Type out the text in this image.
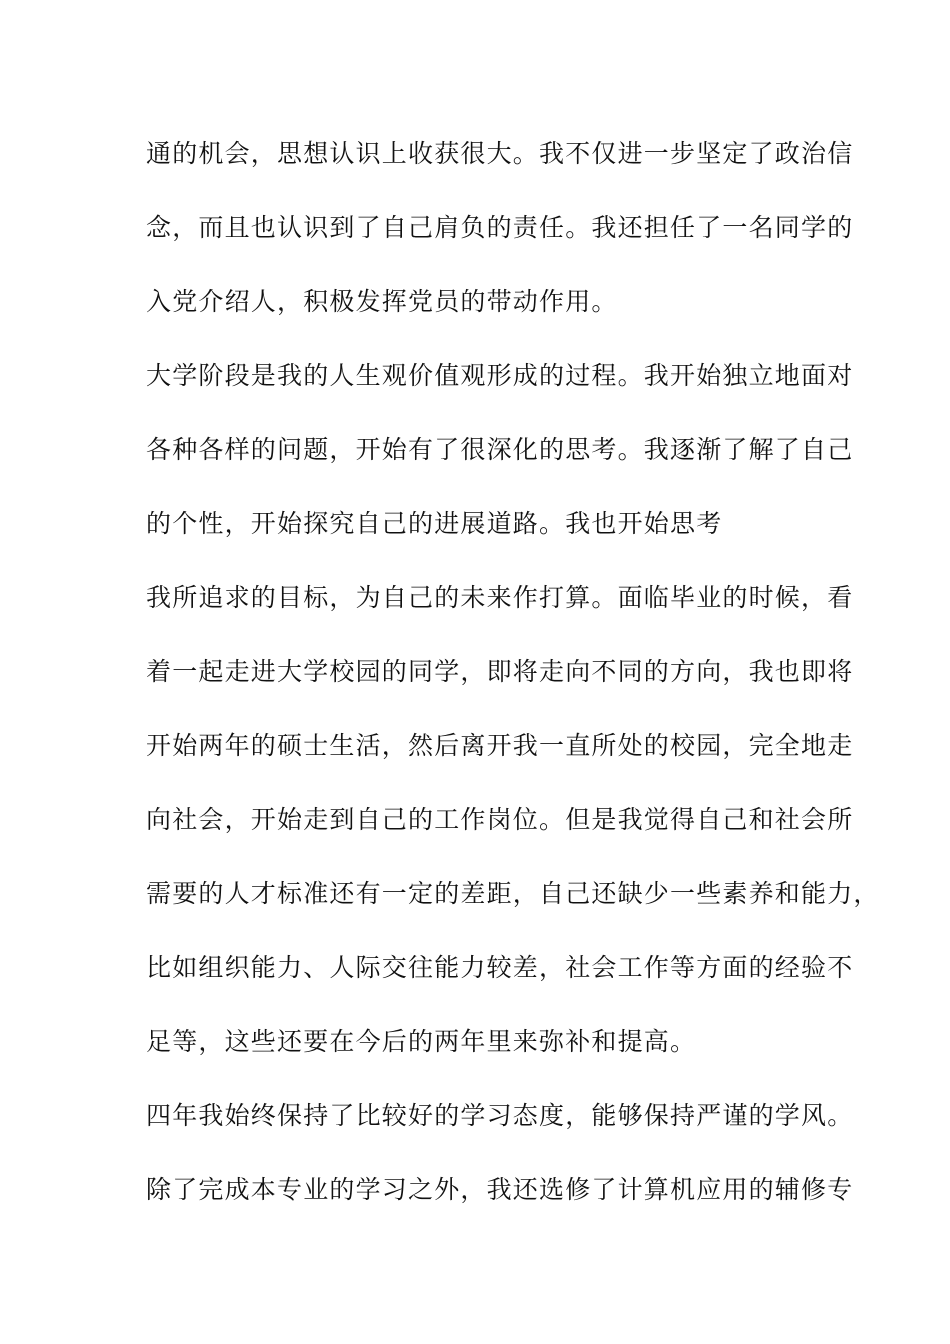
通的机会，思想认识上收获很大。我不仅进一步坚定了政治信
念，而且也认识到了自己肩负的责任。我还担任了一名同学的
入党介绍人，积极发挥党员的带动作用。
大学阶段是我的人生观价值观形成的过程。我开始独立地面对
各种各样的问题，开始有了很深化的思考。我逐渐了解了自己
的个性，开始探究自己的进展道路。我也开始思考
我所追求的目标，为自己的未来作打算。面临毕业的时候，看
着一起走进大学校园的同学，即将走向不同的方向，我也即将
开始两年的硕士生活，然后离开我一直所处的校园，完全地走
向社会，开始走到自己的工作岗位。但是我觉得自己和社会所
需要的人才标准还有一定的差距，自己还缺少一些素养和能力，
比如组织能力、人际交往能力较差，社会工作等方面的经验不
足等，这些还要在今后的两年里来弥补和提高。
四年我始终保持了比较好的学习态度，能够保持严谨的学风。
除了完成本专业的学习之外，我还选修了计算机应用的辅修专
